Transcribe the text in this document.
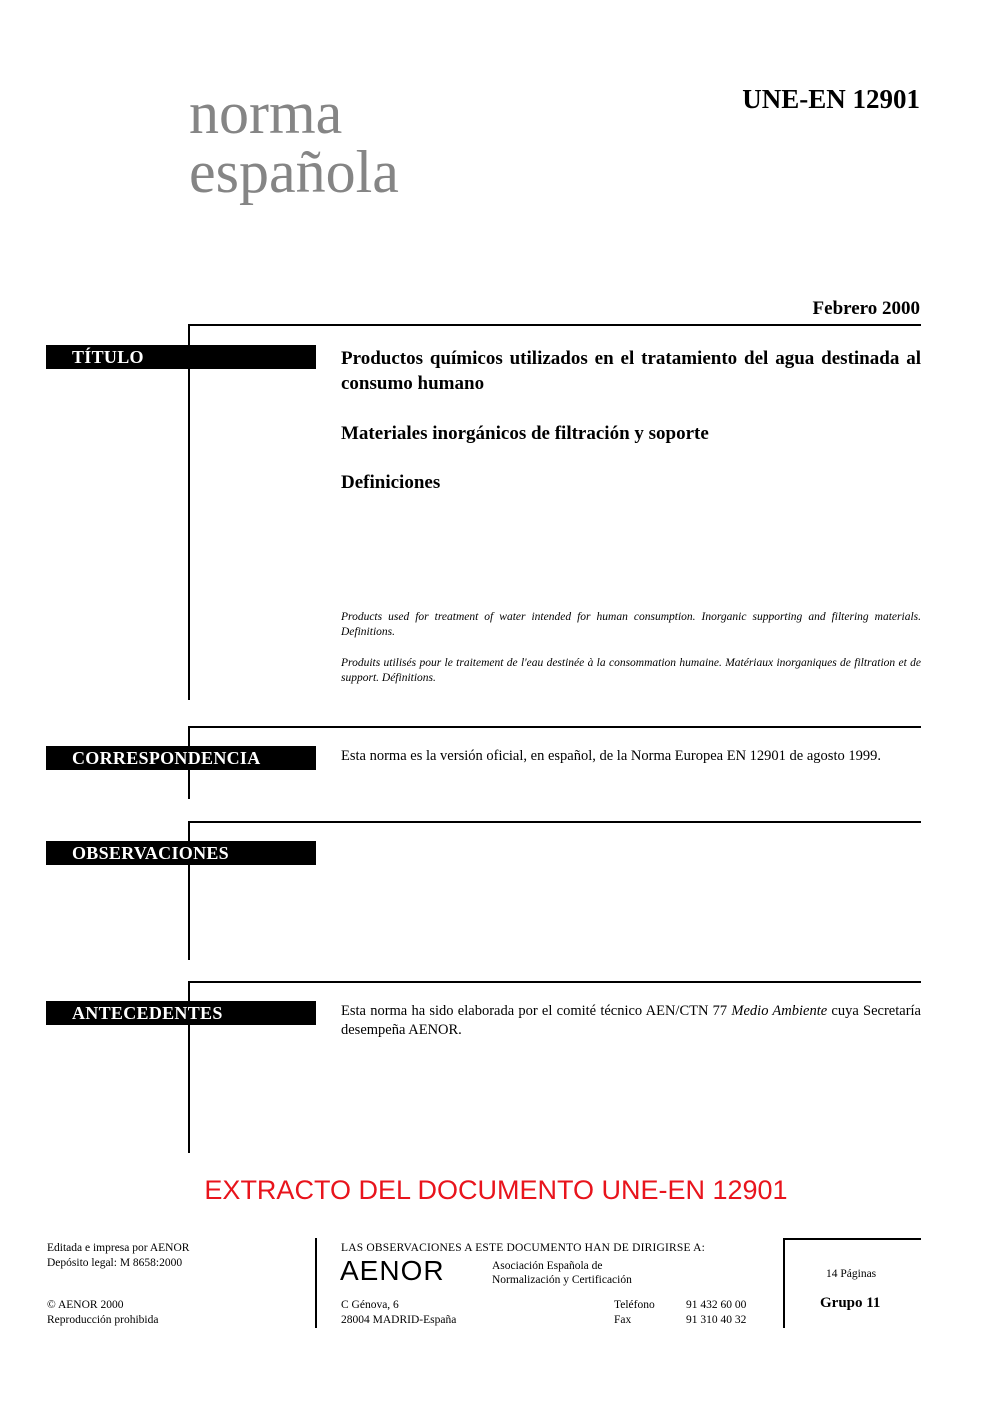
norma
española
UNE-EN 12901
Febrero 2000
TÍTULO	Productos químicos utilizados en el tratamiento del agua destinada al consumo humano
Materiales inorgánicos de filtración y soporte
Definiciones
Products used for treatment of water intended for human consumption. Inorganic supporting and filtering materials. Definitions.
Produits utilisés pour le traitement de l'eau destinée à la consommation humaine. Matériaux inorganiques de filtration et de support. Définitions.
CORRESPONDENCIA	Esta norma es la versión oficial, en español, de la Norma Europea EN 12901 de agosto 1999.
OBSERVACIONES
ANTECEDENTES	Esta norma ha sido elaborada por el comité técnico AEN/CTN 77 Medio Ambiente cuya Secretaría desempeña AENOR.
EXTRACTO DEL DOCUMENTO UNE-EN 12901
Editada e impresa por AENOR
Depósito legal: M 8658:2000
© AENOR 2000
Reproducción prohibida
LAS OBSERVACIONES A ESTE DOCUMENTO HAN DE DIRIGIRSE A:
AENOR	Asociación Española de
Normalización y Certificación
C Génova, 6
28004 MADRID-España
Teléfono	91 432 60 00
Fax	91 310 40 32
14 Páginas
Grupo 11
